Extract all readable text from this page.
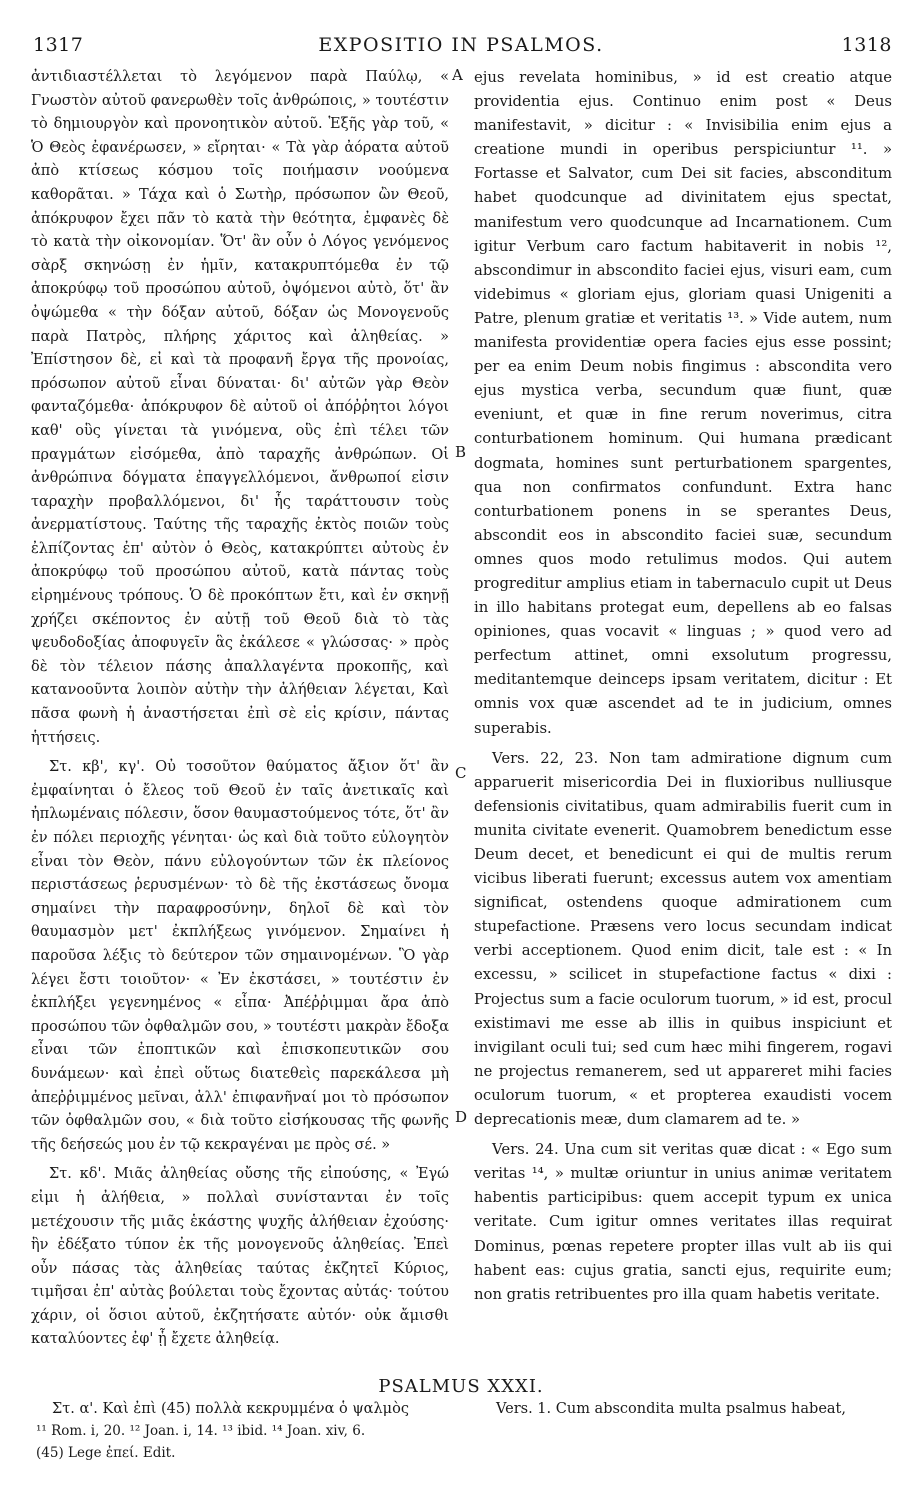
1317	EXPOSITIO IN PSALMOS.	1318

ἀντιδιαστέλλεται τὸ λεγόμενον παρὰ Παύλῳ, « Γνωστὸν αὐτοῦ φανερωθὲν τοῖς ἀνθρώποις, » τουτέστιν τὸ δημιουργὸν καὶ προνοητικὸν αὐτοῦ. Ἑξῆς γὰρ τοῦ, « Ὁ Θεὸς ἐφανέρωσεν, » εἴρηται· « Τὰ γὰρ ἀόρατα αὐτοῦ ἀπὸ κτίσεως κόσμου τοῖς ποιήμασιν νοούμενα καθορᾶται. » Τάχα καὶ ὁ Σωτὴρ, πρόσωπον ὢν Θεοῦ, ἀπόκρυφον ἔχει πᾶν τὸ κατὰ τὴν θεότητα, ἐμφανὲς δὲ τὸ κατὰ τὴν οἰκονομίαν. Ὅτ' ἂν οὖν ὁ Λόγος γενόμενος σὰρξ σκηνώσῃ ἐν ἡμῖν, κατακρυπτόμεθα ἐν τῷ ἀποκρύφῳ τοῦ προσώπου αὐτοῦ, ὀψόμενοι αὐτὸ, ὅτ' ἂν ὀψώμεθα « τὴν δόξαν αὐτοῦ, δόξαν ὡς Μονογενοῦς παρὰ Πατρὸς, πλήρης χάριτος καὶ ἀληθείας. » Ἐπίστησον δὲ, εἰ καὶ τὰ προφανῆ ἔργα τῆς προνοίας, πρόσωπον αὐτοῦ εἶναι δύναται· δι' αὐτῶν γὰρ Θεὸν φανταζόμεθα· ἀπόκρυφον δὲ αὐτοῦ οἱ ἀπόῤῥητοι λόγοι καθ' οὓς γίνεται τὰ γινόμενα, οὓς ἐπὶ τέλει τῶν πραγμάτων εἰσόμεθα, ἀπὸ ταραχῆς ἀνθρώπων. Οἱ ἀνθρώπινα δόγματα ἐπαγγελλόμενοι, ἄνθρωποί εἰσιν ταραχὴν προβαλλόμενοι, δι' ἧς ταράττουσιν τοὺς ἀνερματίστους. Ταύτης τῆς ταραχῆς ἐκτὸς ποιῶν τοὺς ἐλπίζοντας ἐπ' αὐτὸν ὁ Θεὸς, κατακρύπτει αὐτοὺς ἐν ἀποκρύφῳ τοῦ προσώπου αὐτοῦ, κατὰ πάντας τοὺς εἰρημένους τρόπους. Ὁ δὲ προκόπτων ἔτι, καὶ ἐν σκηνῇ χρήζει σκέποντος ἐν αὐτῇ τοῦ Θεοῦ διὰ τὸ τὰς ψευδοδοξίας ἀποφυγεῖν ἃς ἐκάλεσε « γλώσσας· » πρὸς δὲ τὸν τέλειον πάσης ἀπαλλαγέντα προκοπῆς, καὶ κατανοοῦντα λοιπὸν αὐτὴν τὴν ἀλήθειαν λέγεται, Καὶ πᾶσα φωνὴ ἡ ἀναστήσεται ἐπὶ σὲ εἰς κρίσιν, πάντας ἡττήσεις.

Στ. κβ', κγ'. Οὐ τοσοῦτον θαύματος ἄξιον ὅτ' ἂν ἐμφαίνηται ὁ ἔλεος τοῦ Θεοῦ ἐν ταῖς ἀνετικαῖς καὶ ἠπλωμέναις πόλεσιν, ὅσον θαυμαστούμενος τότε, ὅτ' ἂν ἐν πόλει περιοχῆς γένηται· ὡς καὶ διὰ τοῦτο εὐλογητὸν εἶναι τὸν Θεὸν, πάνυ εὐλογούντων τῶν ἐκ πλείονος περιστάσεως ῥερυσμένων· τὸ δὲ τῆς ἐκστάσεως ὄνομα σημαίνει τὴν παραφροσύνην, δηλοῖ δὲ καὶ τὸν θαυμασμὸν μετ' ἐκπλήξεως γινόμενον. Σημαίνει ἡ παροῦσα λέξις τὸ δεύτερον τῶν σημαινομένων. Ὃ γὰρ λέγει ἔστι τοιοῦτον· « Ἐν ἐκστάσει, » τουτέστιν ἐν ἐκπλήξει γεγενημένος « εἶπα· Ἀπέῤῥιμμαι ἄρα ἀπὸ προσώπου τῶν ὀφθαλμῶν σου, » τουτέστι μακρὰν ἔδοξα εἶναι τῶν ἐποπτικῶν καὶ ἐπισκοπευτικῶν σου δυνάμεων· καὶ ἐπεὶ οὕτως διατεθεὶς παρεκάλεσα μὴ ἀπεῤῥιμμένος μεῖναι, ἀλλ' ἐπιφανῆναί μοι τὸ πρόσωπον τῶν ὀφθαλμῶν σου, « διὰ τοῦτο εἰσήκουσας τῆς φωνῆς τῆς δεήσεώς μου ἐν τῷ κεκραγέναι με πρὸς σέ. »

Στ. κδ'. Μιᾶς ἀληθείας οὔσης τῆς εἰπούσης, « Ἐγώ εἰμι ἡ ἀλήθεια, » πολλαὶ συνίστανται ἐν τοῖς μετέχουσιν τῆς μιᾶς ἑκάστης ψυχῆς ἀλήθειαν ἐχούσης· ἣν ἐδέξατο τύπον ἐκ τῆς μονογενοῦς ἀληθείας. Ἐπεὶ οὖν πάσας τὰς ἀληθείας ταύτας ἐκζητεῖ Κύριος, τιμῆσαι ἐπ' αὐτὰς βούλεται τοὺς ἔχοντας αὐτάς· τούτου χάριν, οἱ ὅσιοι αὐτοῦ, ἐκζητήσατε αὐτόν· οὐκ ἄμισθι καταλύοντες ἐφ' ᾗ ἔχετε ἀληθείᾳ.

ejus revelata hominibus, » id est creatio atque providentia ejus. Continuo enim post « Deus manifestavit, » dicitur : « Invisibilia enim ejus a creatione mundi in operibus perspiciuntur ¹¹. » Fortasse et Salvator, cum Dei sit facies, absconditum habet quodcunque ad divinitatem ejus spectat, manifestum vero quodcunque ad Incarnationem. Cum igitur Verbum caro factum habitaverit in nobis ¹², abscondimur in abscondito faciei ejus, visuri eam, cum videbimus « gloriam ejus, gloriam quasi Unigeniti a Patre, plenum gratiæ et veritatis ¹³. » Vide autem, num manifesta providentiæ opera facies ejus esse possint; per ea enim Deum nobis fingimus : abscondita vero ejus mystica verba, secundum quæ fiunt, quæ eveniunt, et quæ in fine rerum noverimus, citra conturbationem hominum. Qui humana prædicant dogmata, homines sunt perturbationem spargentes, qua non confirmatos confundunt. Extra hanc conturbationem ponens in se sperantes Deus, abscondit eos in abscondito faciei suæ, secundum omnes quos modo retulimus modos. Qui autem progreditur amplius etiam in tabernaculo cupit ut Deus in illo habitans protegat eum, depellens ab eo falsas opiniones, quas vocavit « linguas ; » quod vero ad perfectum attinet, omni exsolutum progressu, meditantemque deinceps ipsam veritatem, dicitur : Et omnis vox quæ ascendet ad te in judicium, omnes superabis.

Vers. 22, 23. Non tam admiratione dignum cum apparuerit misericordia Dei in fluxioribus nulliusque defensionis civitatibus, quam admirabilis fuerit cum in munita civitate evenerit. Quamobrem benedictum esse Deum decet, et benedicunt ei qui de multis rerum vicibus liberati fuerunt; excessus autem vox amentiam significat, ostendens quoque admirationem cum stupefactione. Præsens vero locus secundam indicat verbi acceptionem. Quod enim dicit, tale est : « In excessu, » scilicet in stupefactione factus « dixi : Projectus sum a facie oculorum tuorum, » id est, procul existimavi me esse ab illis in quibus inspiciunt et invigilant oculi tui; sed cum hæc mihi fingerem, rogavi ne projectus remanerem, sed ut appareret mihi facies oculorum tuorum, « et propterea exaudisti vocem deprecationis meæ, dum clamarem ad te. »

Vers. 24. Una cum sit veritas quæ dicat : « Ego sum veritas ¹⁴, » multæ oriuntur in unius animæ veritatem habentis participibus: quem accepit typum ex unica veritate. Cum igitur omnes veritates illas requirat Dominus, pœnas repetere propter illas vult ab iis qui habent eas: cujus gratia, sancti ejus, requirite eum; non gratis retribuentes pro illa quam habetis veritate.

A
B
C
D
PSALMUS XXXI.
Στ. α'. Καὶ ἐπὶ (45) πολλὰ κεκρυμμένα ὁ ψαλμὸς	Vers. 1. Cum abscondita multa psalmus habeat,
¹¹ Rom. i, 20. ¹² Joan. i, 14. ¹³ ibid. ¹⁴ Joan. xiv, 6.
(45) Lege ἐπεί. Edit.
